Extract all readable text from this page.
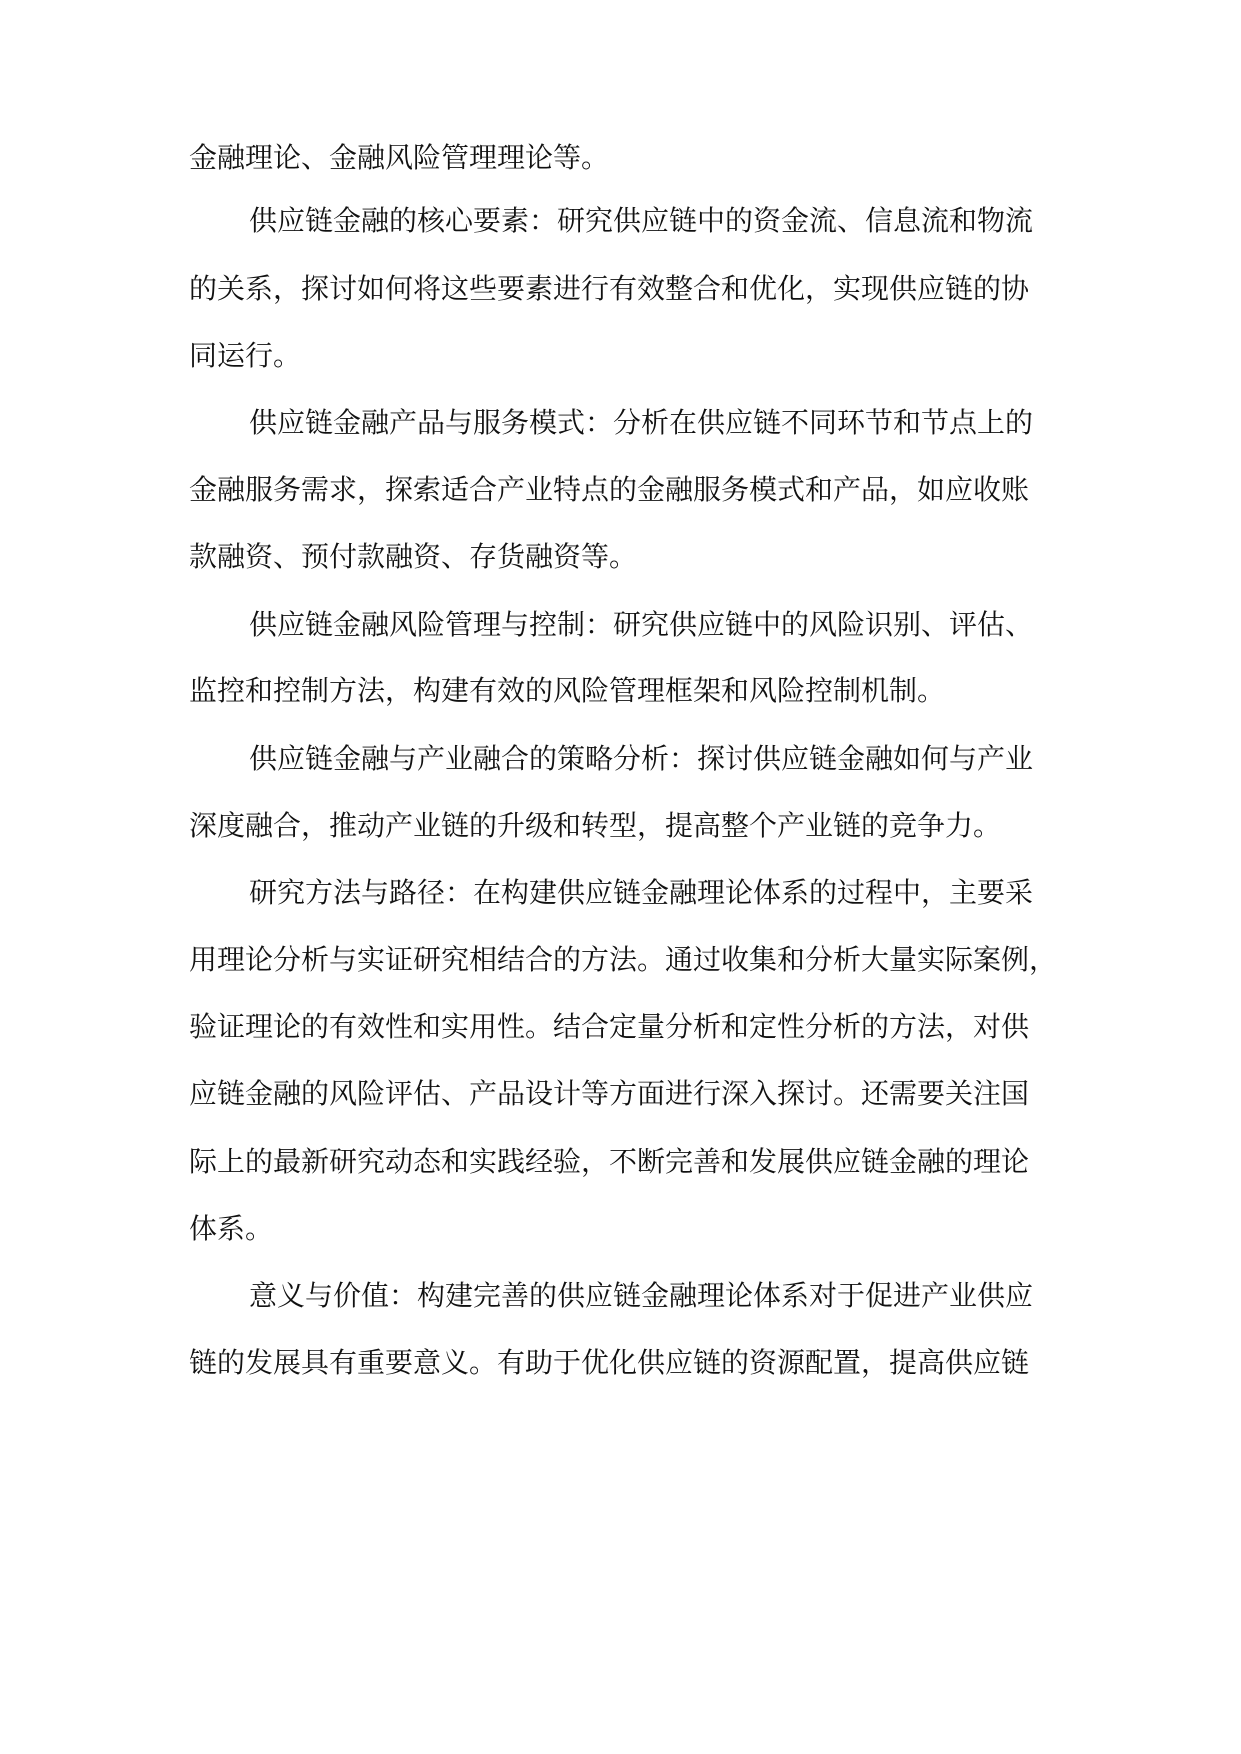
金融理论、金融风险管理理论等。

供应链金融的核心要素：研究供应链中的资金流、信息流和物流

的关系，探讨如何将这些要素进行有效整合和优化，实现供应链的协

同运行。

供应链金融产品与服务模式：分析在供应链不同环节和节点上的

金融服务需求，探索适合产业特点的金融服务模式和产品，如应收账

款融资、预付款融资、存货融资等。

供应链金融风险管理与控制：研究供应链中的风险识别、评估、

监控和控制方法，构建有效的风险管理框架和风险控制机制。

供应链金融与产业融合的策略分析：探讨供应链金融如何与产业

深度融合，推动产业链的升级和转型，提高整个产业链的竞争力。

研究方法与路径：在构建供应链金融理论体系的过程中，主要采

用理论分析与实证研究相结合的方法。通过收集和分析大量实际案例，

验证理论的有效性和实用性。结合定量分析和定性分析的方法，对供

应链金融的风险评估、产品设计等方面进行深入探讨。还需要关注国

际上的最新研究动态和实践经验，不断完善和发展供应链金融的理论

体系。

意义与价值：构建完善的供应链金融理论体系对于促进产业供应

链的发展具有重要意义。有助于优化供应链的资源配置，提高供应链
